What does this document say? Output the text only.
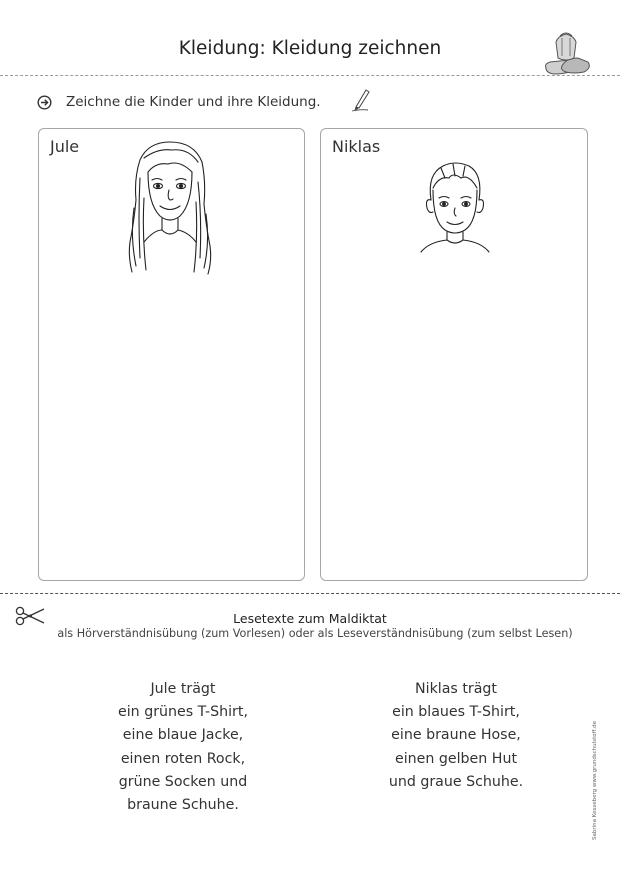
Kleidung: Kleidung zeichnen
Zeichne die Kinder und ihre Kleidung.
Jule	Niklas
Lesetexte zum Maldiktat
als Hörverständnisübung (zum Vorlesen) oder als Leseverständnisübung (zum selbst Lesen)
Jule trägt
ein grünes T-Shirt,
eine blaue Jacke,
einen roten Rock,
grüne Socken und
braune Schuhe.
Niklas trägt
ein blaues T-Shirt,
eine braune Hose,
einen gelben Hut
und graue Schuhe.	Sabrina Kesseberg www.grundschulstoff.de
